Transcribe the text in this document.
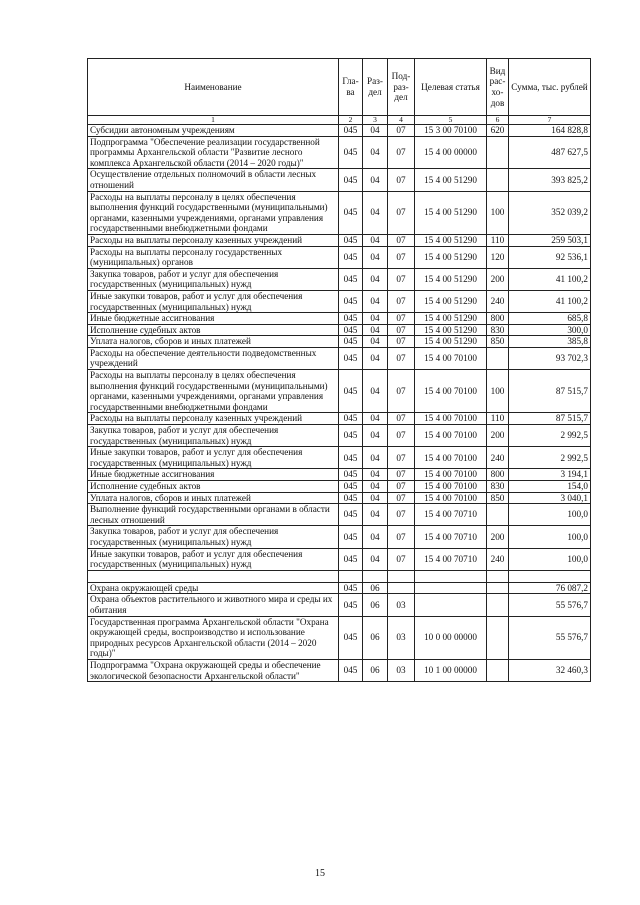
Наименование	Гла-ва	Раз-дел	Под-раз-дел	Целевая статья	Вид рас-хо-дов	Сумма, тыс. рублей
1	2	3	4	5	6	7
Субсидии автономным учреждениям	045	04	07	15 3 00 70100	620	164 828,8
Подпрограмма "Обеспечение реализации государственной программы Архангельской области "Развитие лесного комплекса Архангельской области (2014 – 2020 годы)"	045	04	07	15 4 00 00000		487 627,5
Осуществление отдельных полномочий в области лесных отношений	045	04	07	15 4 00 51290		393 825,2
Расходы на выплаты персоналу в целях обеспечения выполнения функций государственными (муниципальными) органами, казенными учреждениями, органами управления государственными внебюджетными фондами	045	04	07	15 4 00 51290	100	352 039,2
Расходы на выплаты персоналу казенных учреждений	045	04	07	15 4 00 51290	110	259 503,1
Расходы на выплаты персоналу государственных (муниципальных) органов	045	04	07	15 4 00 51290	120	92 536,1
Закупка товаров, работ и услуг для обеспечения государственных (муниципальных) нужд	045	04	07	15 4 00 51290	200	41 100,2
Иные закупки товаров, работ и услуг для обеспечения государственных (муниципальных) нужд	045	04	07	15 4 00 51290	240	41 100,2
Иные бюджетные ассигнования	045	04	07	15 4 00 51290	800	685,8
Исполнение судебных актов	045	04	07	15 4 00 51290	830	300,0
Уплата налогов, сборов и иных платежей	045	04	07	15 4 00 51290	850	385,8
Расходы на обеспечение деятельности подведомственных учреждений	045	04	07	15 4 00 70100		93 702,3
Расходы на выплаты персоналу в целях обеспечения выполнения функций государственными (муниципальными) органами, казенными учреждениями, органами управления государственными внебюджетными фондами	045	04	07	15 4 00 70100	100	87 515,7
Расходы на выплаты персоналу казенных учреждений	045	04	07	15 4 00 70100	110	87 515,7
Закупка товаров, работ и услуг для обеспечения государственных (муниципальных) нужд	045	04	07	15 4 00 70100	200	2 992,5
Иные закупки товаров, работ и услуг для обеспечения государственных (муниципальных) нужд	045	04	07	15 4 00 70100	240	2 992,5
Иные бюджетные ассигнования	045	04	07	15 4 00 70100	800	3 194,1
Исполнение судебных актов	045	04	07	15 4 00 70100	830	154,0
Уплата налогов, сборов и иных платежей	045	04	07	15 4 00 70100	850	3 040,1
Выполнение функций государственными органами в области лесных отношений	045	04	07	15 4 00 70710		100,0
Закупка товаров, работ и услуг для обеспечения государственных (муниципальных) нужд	045	04	07	15 4 00 70710	200	100,0
Иные закупки товаров, работ и услуг для обеспечения государственных (муниципальных) нужд	045	04	07	15 4 00 70710	240	100,0

Охрана окружающей среды	045	06				76 087,2
Охрана объектов растительного и животного мира и среды их обитания	045	06	03			55 576,7
Государственная программа Архангельской области "Охрана окружающей среды, воспроизводство и использование природных ресурсов Архангельской области (2014 – 2020 годы)"	045	06	03	10 0 00 00000		55 576,7
Подпрограмма "Охрана окружающей среды и обеспечение экологической безопасности Архангельской области"	045	06	03	10 1 00 00000		32 460,3
15
